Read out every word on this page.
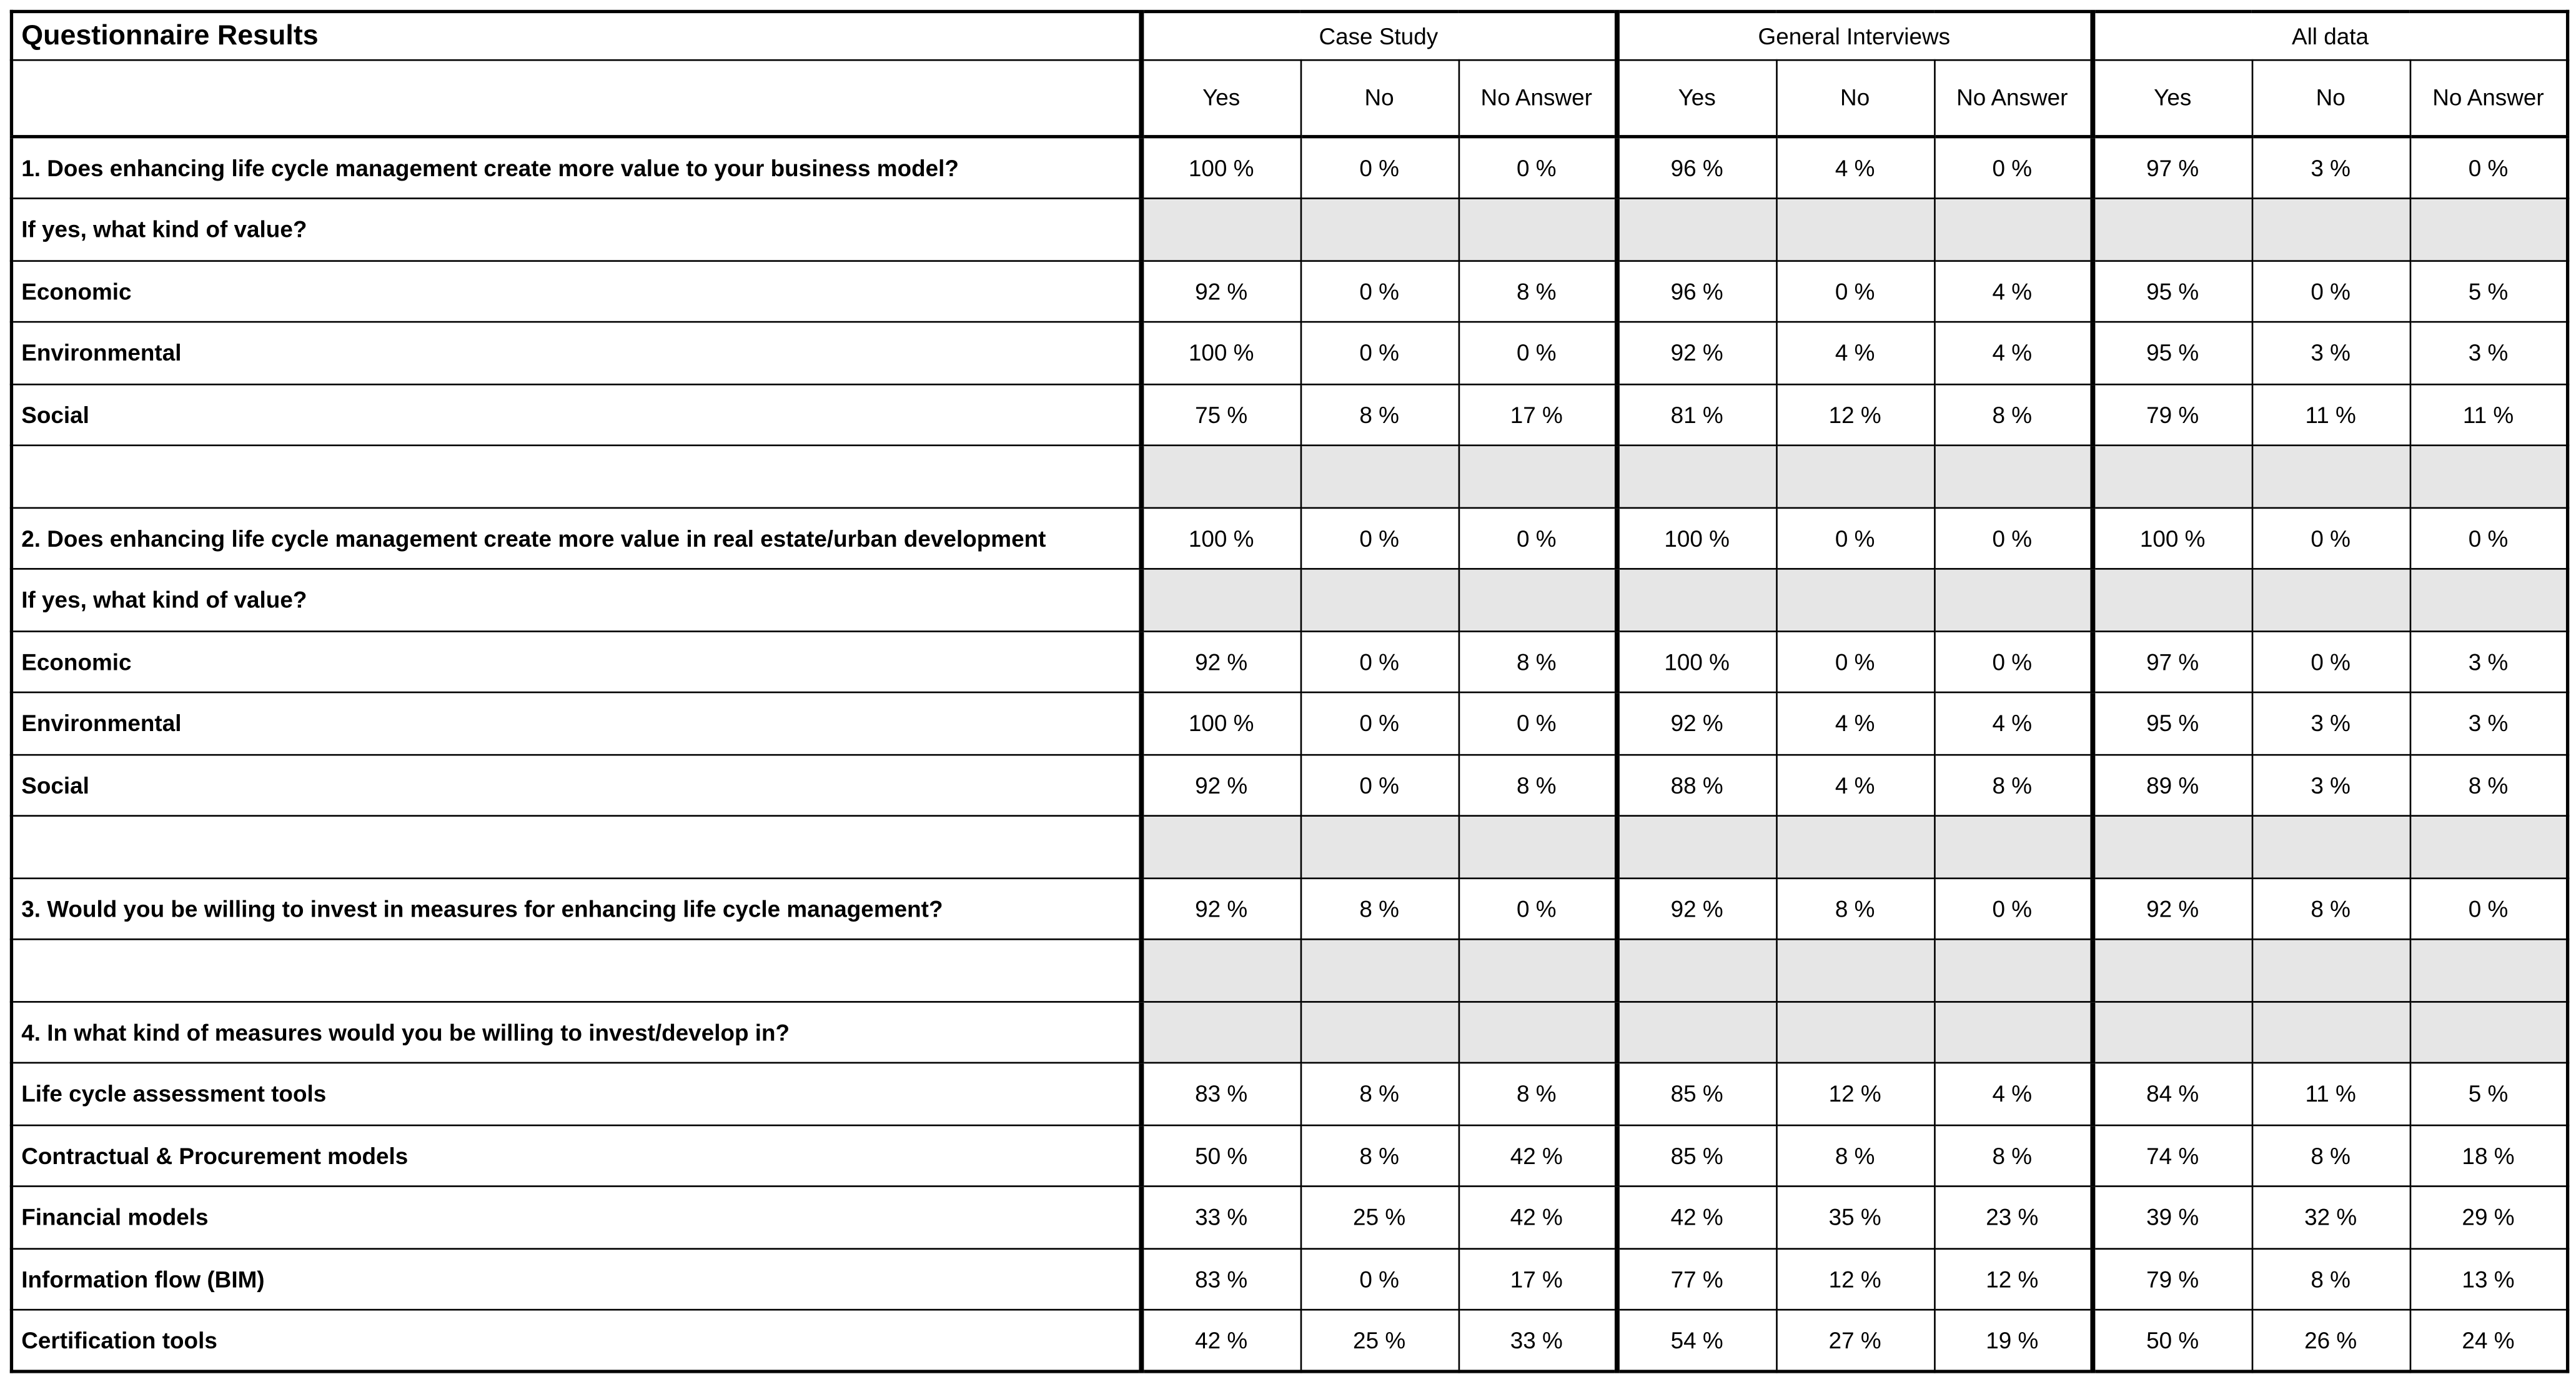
Questionnaire Results	Case Study			General Interviews			All data		
	Yes	No	No Answer	Yes	No	No Answer	Yes	No	No Answer
1. Does enhancing life cycle management create more value to your business model?	100 %	0 %	0 %	96 %	4 %	0 %	97 %	3 %	0 %
If yes, what kind of value?									
Economic	92 %	0 %	8 %	96 %	0 %	4 %	95 %	0 %	5 %
Environmental	100 %	0 %	0 %	92 %	4 %	4 %	95 %	3 %	3 %
Social	75 %	8 %	17 %	81 %	12 %	8 %	79 %	11 %	11 %

2. Does enhancing life cycle management create more value in real estate/urban development	100 %	0 %	0 %	100 %	0 %	0 %	100 %	0 %	0 %
If yes, what kind of value?									
Economic	92 %	0 %	8 %	100 %	0 %	0 %	97 %	0 %	3 %
Environmental	100 %	0 %	0 %	92 %	4 %	4 %	95 %	3 %	3 %
Social	92 %	0 %	8 %	88 %	4 %	8 %	89 %	3 %	8 %

3. Would you be willing to invest in measures for enhancing life cycle management?	92 %	8 %	0 %	92 %	8 %	0 %	92 %	8 %	0 %

4. In what kind of measures would you be willing to invest/develop in?									
Life cycle assessment tools	83 %	8 %	8 %	85 %	12 %	4 %	84 %	11 %	5 %
Contractual & Procurement models	50 %	8 %	42 %	85 %	8 %	8 %	74 %	8 %	18 %
Financial models	33 %	25 %	42 %	42 %	35 %	23 %	39 %	32 %	29 %
Information flow (BIM)	83 %	0 %	17 %	77 %	12 %	12 %	79 %	8 %	13 %
Certification tools	42 %	25 %	33 %	54 %	27 %	19 %	50 %	26 %	24 %
